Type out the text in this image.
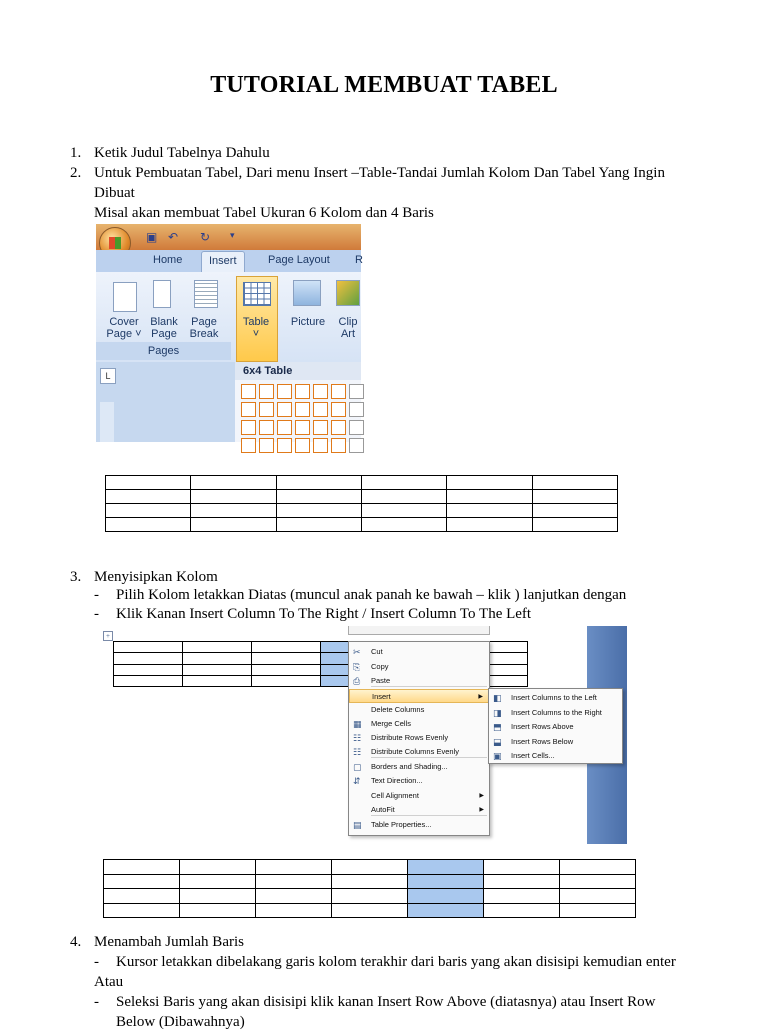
TUTORIAL MEMBUAT TABEL
1. Ketik Judul Tabelnya Dahulu
2. Untuk Pembuatan Tabel, Dari menu Insert –Table-Tandai Jumlah Kolom Dan Tabel Yang Ingin
Dibuat
Misal akan membuat Tabel Ukuran 6 Kolom dan 4 Baris
▣ ↶	↻	▾
Home	Insert	Page Layout R
Cover
Page ˅
Blank
Page
Page
Break
Table
˅
Picture	Clip
Art
Pages
L	6x4 Table

3. Menyisipkan Kolom
- Pilih Kolom letakkan Diatas (muncul anak panah ke bawah – klik ) lanjutkan dengan
- Klik Kanan Insert Column To The Right / Insert Column To The Left
+

✂	Cut
⎘	Copy
⎙	Paste
Insert	▶
Delete Columns
▦ Merge Cells
☷ Distribute Rows Evenly
☷ Distribute Columns Evenly
▢ Borders and Shading...
⇵	Text Direction...
Cell Alignment	▶
AutoFit	▶
▤ Table Properties...
◧ Insert Columns to the Left
◨ Insert Columns to the Right
⬒ Insert Rows Above
⬓ Insert Rows Below
▣ Insert Cells...

4. Menambah Jumlah Baris
- Kursor letakkan dibelakang garis kolom terakhir dari baris yang akan disisipi kemudian enter
Atau
- Seleksi Baris yang akan disisipi klik kanan Insert Row Above (diatasnya) atau Insert Row
Below (Dibawahnya)
